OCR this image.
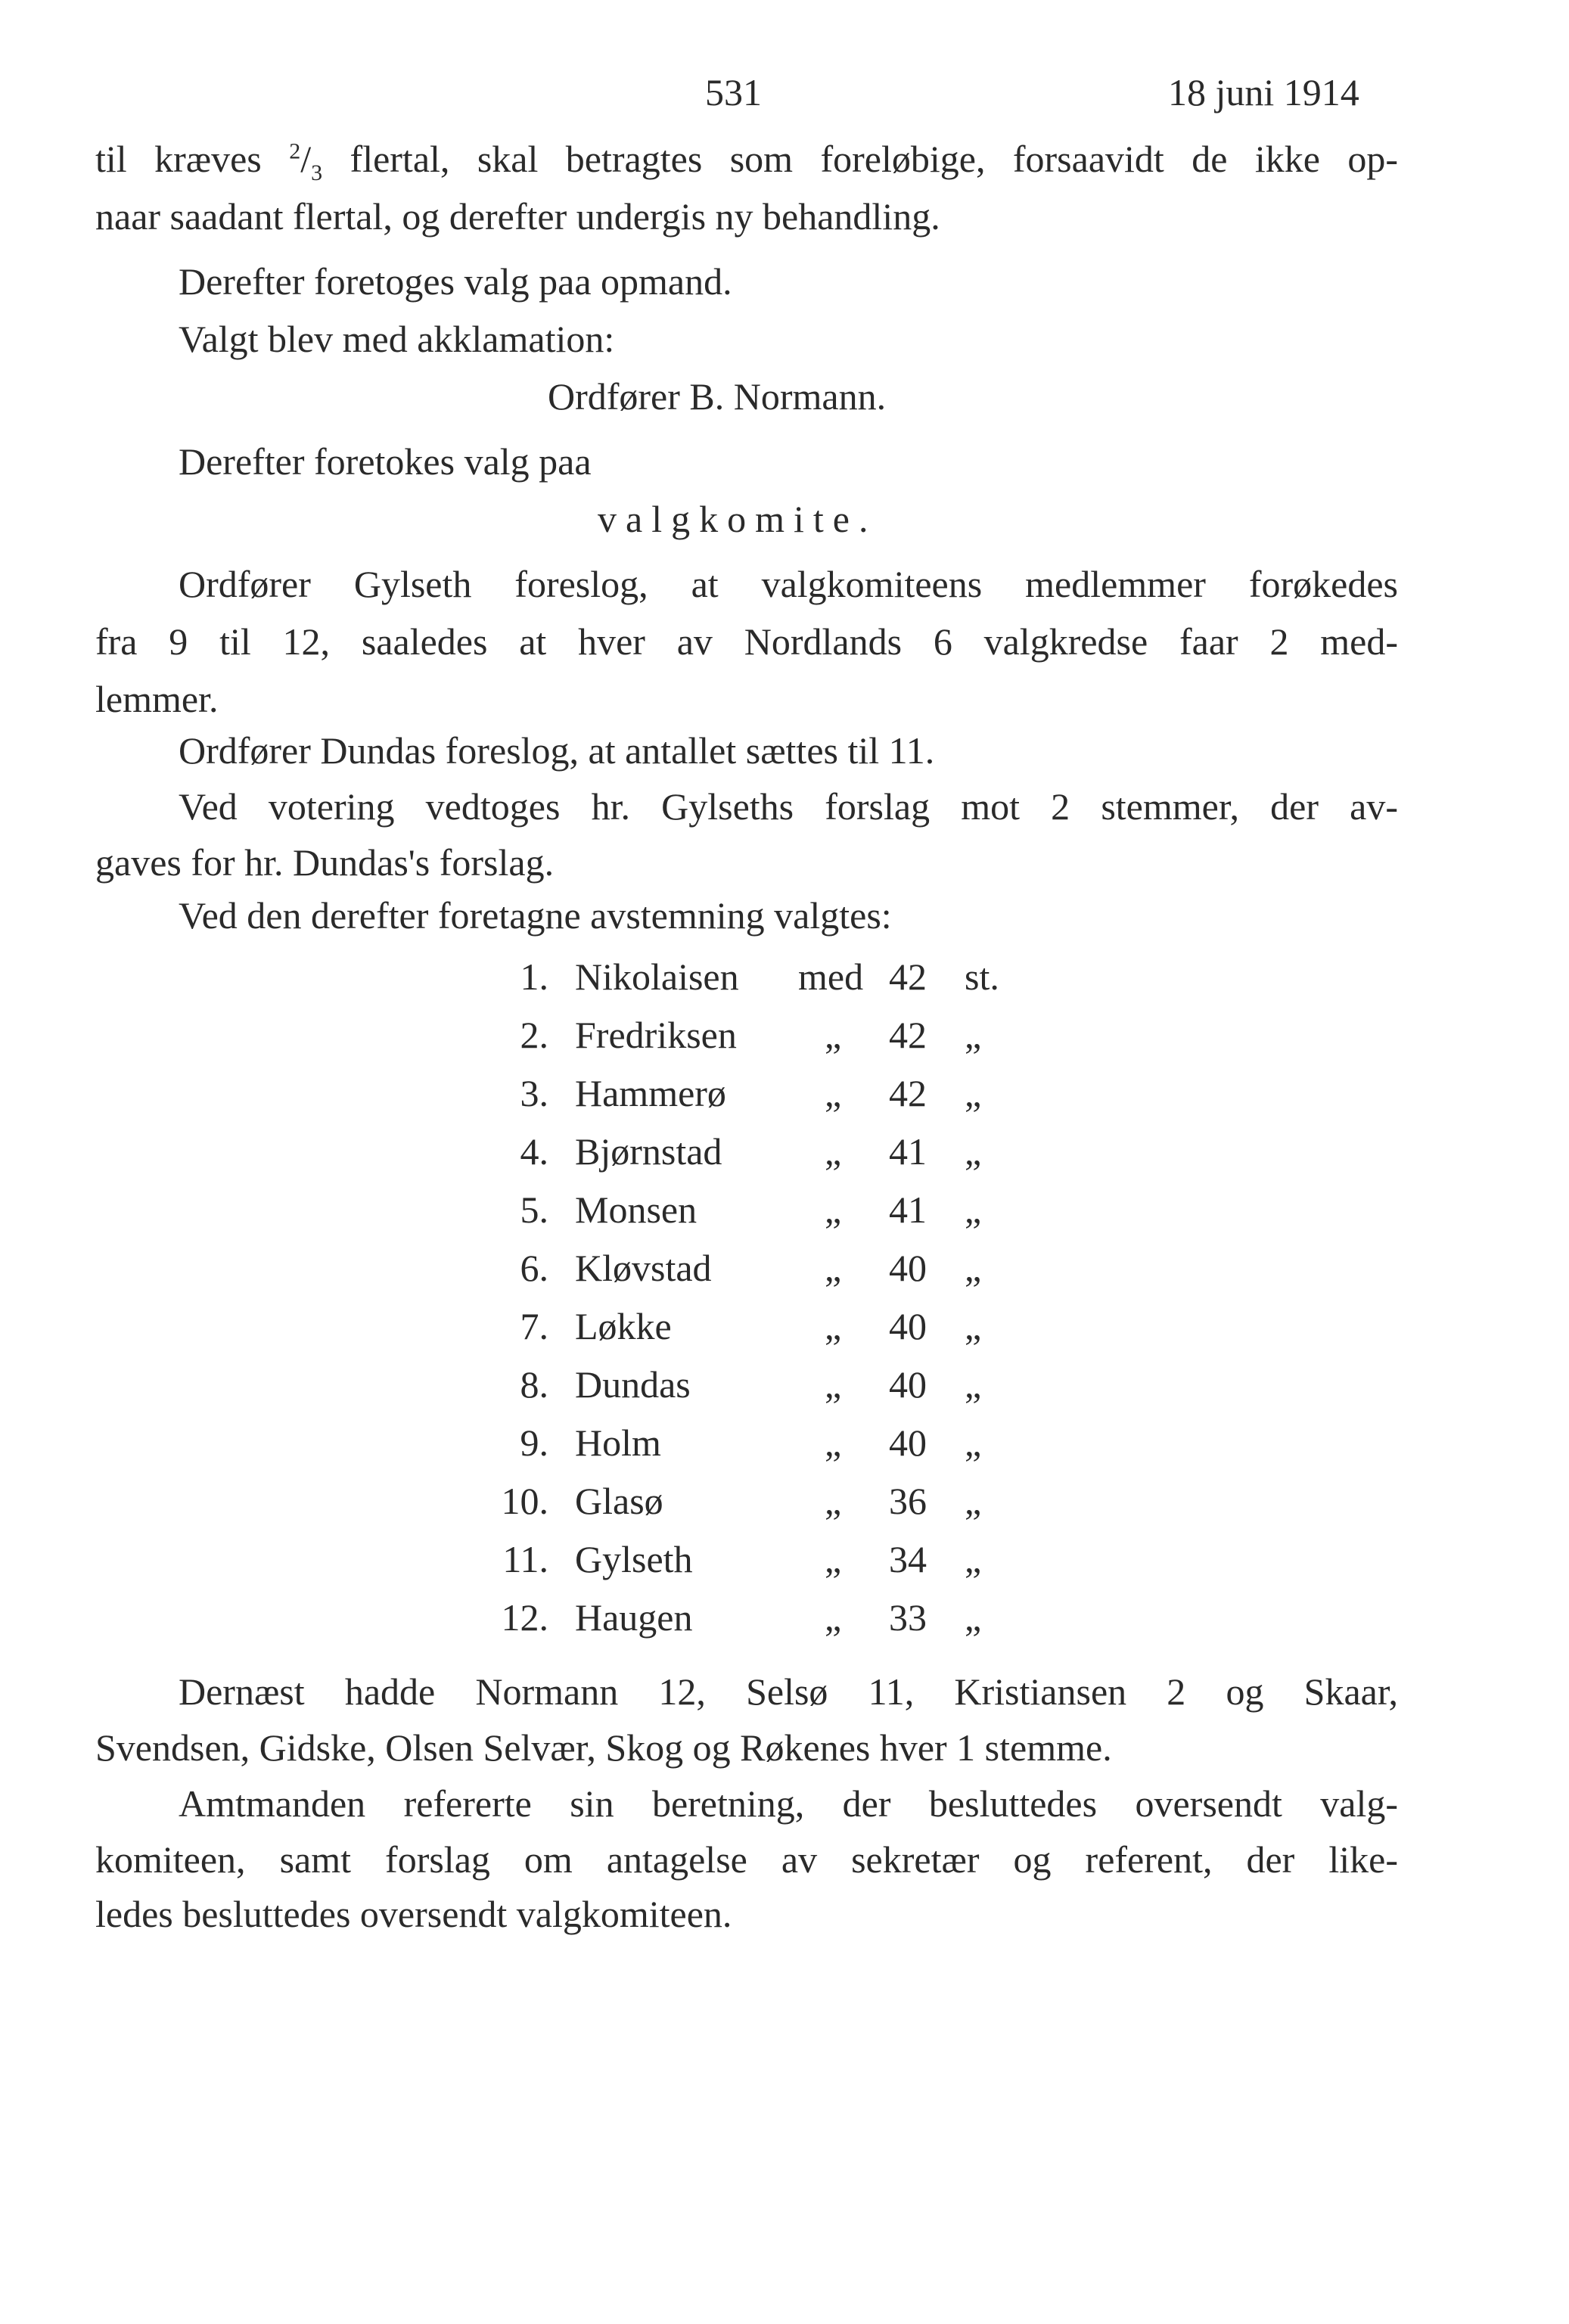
531	18 juni 1914
til kræves $^2/_3$ flertal, skal betragtes som foreløbige, forsaavidt de ikke op-
naar saadant flertal, og derefter undergis ny behandling.
Derefter foretoges valg paa opmand.
Valgt blev med akklamation:
Ordfører B. Normann.
Derefter foretokes valg paa
valgkomite.
Ordfører Gylseth foreslog, at valgkomiteens medlemmer forøkedes
fra 9 til 12, saaledes at hver av Nordlands 6 valgkredse faar 2 med-
lemmer.
Ordfører Dundas foreslog, at antallet sættes til 11.
Ved votering vedtoges hr. Gylseths forslag mot 2 stemmer, der av-
gaves for hr. Dundas's forslag.
Ved den derefter foretagne avstemning valgtes:
1. Nikolaisen med 42 st.
2. Fredriksen „ 42 „
3. Hammerø	„ 42 „
4. Bjørnstad	„ 41 „
5. Monsen	„ 41 „
6. Kløvstad	„ 40 „
7. Løkke	„ 40 „
8. Dundas	„ 40 „
9. Holm	„ 40 „
10. Glasø	„ 36 „
11. Gylseth	„ 34 „
12. Haugen	„ 33 „
Dernæst hadde Normann 12, Selsø 11, Kristiansen 2 og Skaar,
Svendsen, Gidske, Olsen Selvær, Skog og Røkenes hver 1 stemme.
Amtmanden refererte sin beretning, der besluttedes oversendt valg-
komiteen, samt forslag om antagelse av sekretær og referent, der like-
ledes besluttedes oversendt valgkomiteen.
